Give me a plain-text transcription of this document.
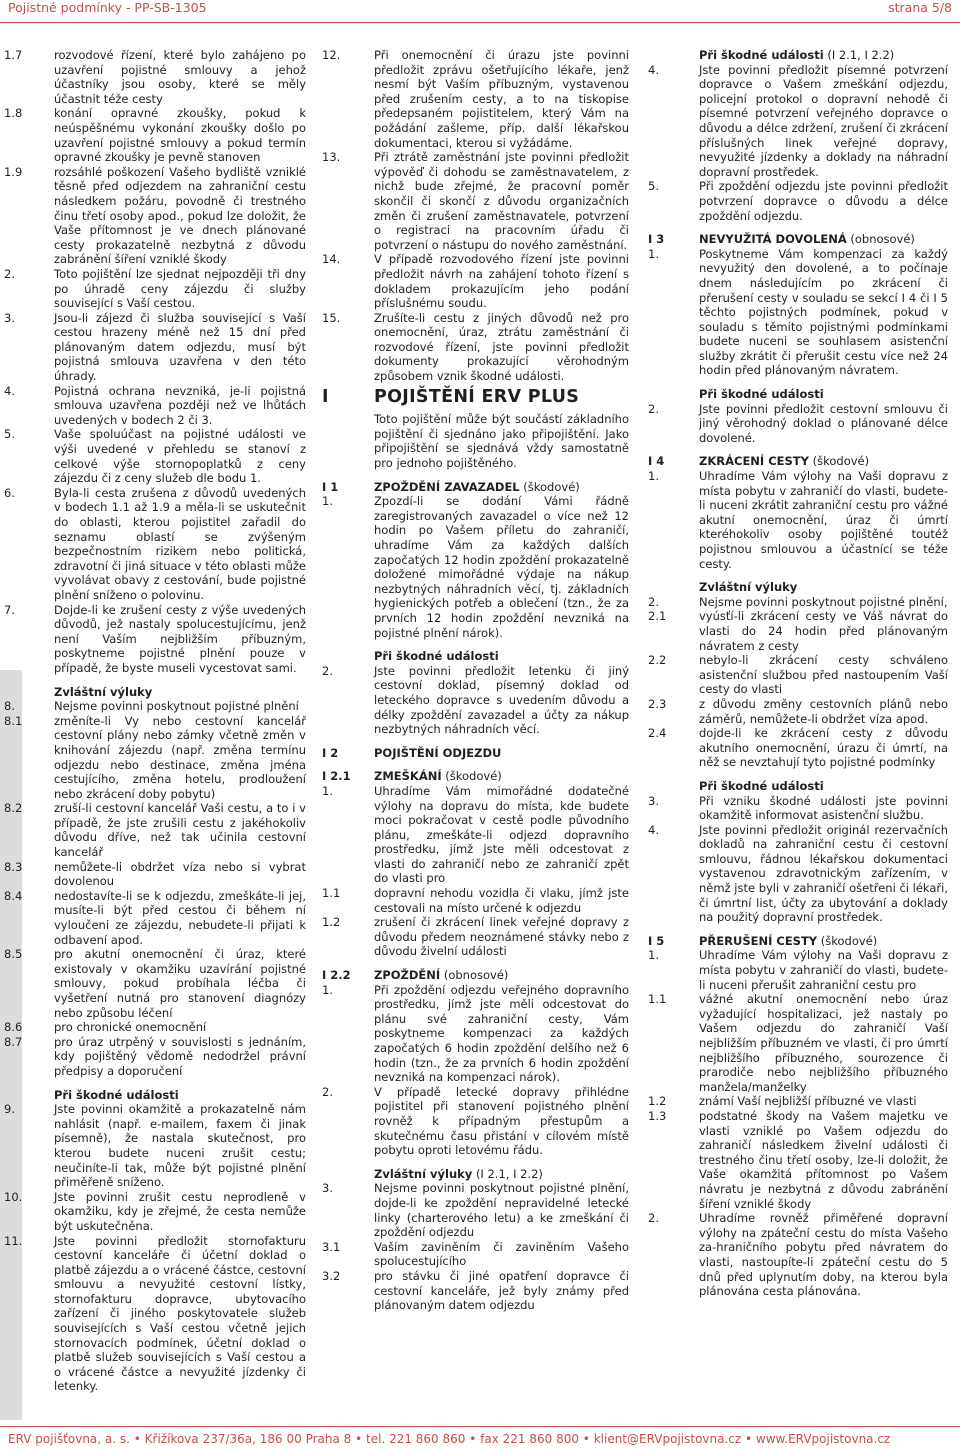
Pojistné podmínky - PP-SB-1305	strana 5/8
1.7	rozvodové řízení, které bylo zahájeno po uzavření pojistné smlouvy a jehož účastníky jsou osoby, které se měly účastnit téže cesty
1.8	konání opravné zkoušky, pokud k neúspěšnému vykonání zkoušky došlo po uzavření pojistné smlouvy a pokud termín opravné zkoušky je pevně stanoven
1.9	rozsáhlé poškození Vašeho bydliště vzniklé těsně před odjezdem na zahraniční cestu následkem požáru, povodně či trestného činu třetí osoby apod., pokud lze doložit, že Vaše přítomnost je ve dnech plánované cesty prokazatelně nezbytná z důvodu zabránění šíření vzniklé škody
2.	Toto pojištění lze sjednat nejpozději tři dny po úhradě ceny zájezdu či služby související s Vaší cestou.
3.	Jsou-li zájezd či služba související s Vaší cestou hrazeny méně než 15 dní před plánovaným datem odjezdu, musí být pojistná smlouva uzavřena v den této úhrady.
4.	Pojistná ochrana nevzniká, je-li pojistná smlouva uzavřena později než ve lhůtách uvedených v bodech 2 či 3.
5.	Vaše spoluúčast na pojistné události ve výši uvedené v přehledu se stanoví z celkové výše stornopoplatků z ceny zájezdu či z ceny služeb dle bodu 1.
6.	Byla-li cesta zrušena z důvodů uvedených v bodech 1.1 až 1.9 a měla-li se uskutečnit do oblasti, kterou pojistitel zařadil do seznamu oblastí se zvýšeným bezpečnostním rizikem nebo politická, zdravotní či jiná situace v této oblasti může vyvolávat obavy z cestování, bude pojistné plnění sníženo o polovinu.
7.	Dojde-li ke zrušení cesty z výše uvedených důvodů, jež nastaly spolucestujícímu, jenž není Vaším nejbližším příbuzným, poskytneme pojistné plnění pouze v případě, že byste museli vycestovat sami.
Zvláštní výluky
8.	Nejsme povinni poskytnout pojistné plnění
8.1	změníte-li Vy nebo cestovní kancelář cestovní plány nebo zámky včetně změn v knihování zájezdu (např. změna termínu odjezdu nebo destinace, změna jména cestujícího, změna hotelu, prodloužení nebo zkrácení doby pobytu)
8.2	zruší-li cestovní kancelář Vaši cestu, a to i v případě, že jste zrušili cestu z jakéhokoliv důvodu dříve, než tak učinila cestovní kancelář
8.3	nemůžete-li obdržet víza nebo si vybrat dovolenou
8.4	nedostavíte-li se k odjezdu, zmeškáte-li jej, musíte-li být před cestou či během ní vyloučeni ze zájezdu, nebudete-li přijati k odbavení apod.
8.5	pro akutní onemocnění či úraz, které existovaly v okamžiku uzavírání pojistné smlouvy, pokud probíhala léčba či vyšetření nutná pro stanovení diagnózy nebo způsobu léčení
8.6	pro chronické onemocnění
8.7	pro úraz utrpěný v souvislosti s jednáním, kdy pojištěný vědomě nedodržel právní předpisy a doporučení
Při škodné události
9.	Jste povinni okamžitě a prokazatelně nám nahlásit (např. e-mailem, faxem či jinak písemně), že nastala skutečnost, pro kterou budete nuceni zrušit cestu; neučiníte-li tak, může být pojistné plnění přiměřeně sníženo.
10.	Jste povinni zrušit cestu neprodleně v okamžiku, kdy je zřejmé, že cesta nemůže být uskutečněna.
11.	Jste povinni předložit stornofakturu cestovní kanceláře či účetní doklad o platbě zájezdu a o vrácené částce, cestovní smlouvu a nevyužité cestovní lístky, stornofakturu dopravce, ubytovacího zařízení či jiného poskytovatele služeb souvisejících s Vaší cestou včetně jejich stornovacích podmínek, účetní doklad o platbě služeb souvisejících s Vaší cestou a o vrácené částce a nevyužité jízdenky či letenky.
12.	Při onemocnění či úrazu jste povinni předložit zprávu ošetřujícího lékaře, jenž nesmí být Vaším příbuzným, vystavenou před zrušením cesty, a to na tiskopise předepsaném pojistitelem, který Vám na požádání zašleme, příp. další lékařskou dokumentaci, kterou si vyžádáme.
13.	Při ztrátě zaměstnání jste povinni předložit výpověď či dohodu se zaměstnavatelem, z nichž bude zřejmé, že pracovní poměr skončil či skončí z důvodu organizačních změn či zrušení zaměstnavatele, potvrzení o registraci na pracovním úřadu či potvrzení o nástupu do nového zaměstnání.
14.	V případě rozvodového řízení jste povinni předložit návrh na zahájení tohoto řízení s dokladem prokazujícím jeho podání příslušnému soudu.
15.	Zrušíte-li cestu z jiných důvodů než pro onemocnění, úraz, ztrátu zaměstnání či rozvodové řízení, jste povinni předložit dokumenty prokazující věrohodným způsobem vznik škodné události.
I	POJIŠTĚNÍ ERV PLUS
Toto pojištění může být součástí základního pojištění či sjednáno jako připojištění. Jako připojištění se sjednává vždy samostatně pro jednoho pojištěného.
I 1	ZPOŽDĚNÍ ZAVAZADEL (škodové)
1.	Zpozdí-li se dodání Vámi řádně zaregistrovaných zavazadel o více než 12 hodin po Vašem příletu do zahraničí, uhradíme Vám za každých dalších započatých 12 hodin zpoždění prokazatelně doložené mimořádné výdaje na nákup nezbytných náhradních věcí, tj. základních hygienických potřeb a oblečení (tzn., že za prvních 12 hodin zpoždění nevzniká na pojistné plnění nárok).
Při škodné události
2.	Jste povinni předložit letenku či jiný cestovní doklad, písemný doklad od leteckého dopravce s uvedením důvodu a délky zpoždění zavazadel a účty za nákup nezbytných náhradních věcí.
I 2	POJIŠTĚNÍ ODJEZDU
I 2.1	ZMEŠKÁNÍ (škodové)
1.	Uhradíme Vám mimořádné dodatečné výlohy na dopravu do místa, kde budete moci pokračovat v cestě podle původního plánu, zmeškáte-li odjezd dopravního prostředku, jímž jste měli odcestovat z vlasti do zahraničí nebo ze zahraničí zpět do vlasti pro
1.1	dopravní nehodu vozidla či vlaku, jímž jste cestovali na místo určené k odjezdu
1.2	zrušení či zkrácení linek veřejné dopravy z důvodu předem neoznámené stávky nebo z důvodu živelní události
I 2.2	ZPOŽDĚNÍ (obnosové)
1.	Při zpoždění odjezdu veřejného dopravního prostředku, jímž jste měli odcestovat do plánu své zahraniční cesty, Vám poskytneme kompenzaci za každých započatých 6 hodin zpoždění delšího než 6 hodin (tzn., že za prvních 6 hodin zpoždění nevzniká na kompenzaci nárok).
2.	V případě letecké dopravy přihlédne pojistitel při stanovení pojistného plnění rovněž k případným přestupům a skutečnému času přistání v cílovém místě pobytu oproti letovému řádu.
Zvláštní výluky (I 2.1, I 2.2)
3.	Nejsme povinni poskytnout pojistné plnění, dojde-li ke zpoždění nepravidelné letecké linky (charterového letu) a ke zmeškání či zpoždění odjezdu
3.1	Vaším zaviněním či zaviněním Vašeho spolucestujícího
3.2	pro stávku či jiné opatření dopravce či cestovní kanceláře, jež byly známy před plánovaným datem odjezdu
Při škodné události (I 2.1, I 2.2)
4.	Jste povinni předložit písemné potvrzení dopravce o Vašem zmeškání odjezdu, policejní protokol o dopravní nehodě či písemné potvrzení veřejného dopravce o důvodu a délce zdržení, zrušení či zkrácení příslušných linek veřejné dopravy, nevyužité jízdenky a doklady na náhradní dopravní prostředek.
5.	Při zpoždění odjezdu jste povinni předložit potvrzení dopravce o důvodu a délce zpoždění odjezdu.
I 3	NEVYUŽITÁ DOVOLENÁ (obnosové)
1.	Poskytneme Vám kompenzaci za každý nevyužitý den dovolené, a to počínaje dnem následujícím po zkrácení či přerušení cesty v souladu se sekcí I 4 či I 5 těchto pojistných podmínek, pokud v souladu s těmito pojistnými podmínkami budete nuceni se souhlasem asistenční služby zkrátit či přerušit cestu více než 24 hodin před plánovaným návratem.
Při škodné události
2.	Jste povinni předložit cestovní smlouvu či jiný věrohodný doklad o plánované délce dovolené.
I 4	ZKRÁCENÍ CESTY (škodové)
1.	Uhradíme Vám výlohy na Vaši dopravu z místa pobytu v zahraničí do vlasti, budete-li nuceni zkrátit zahraniční cestu pro vážné akutní onemocnění, úraz či úmrtí kteréhokoliv osoby pojištěné toutéž pojistnou smlouvou a účastnící se téže cesty.
Zvláštní výluky
2.	Nejsme povinni poskytnout pojistné plnění,
2.1	vyúsťí-li zkrácení cesty ve Váš návrat do vlasti do 24 hodin před plánovaným návratem z cesty
2.2	nebylo-li zkrácení cesty schváleno asistenční službou před nastoupením Vaší cesty do vlasti
2.3	z důvodu změny cestovních plánů nebo záměrů, nemůžete-li obdržet víza apod.
2.4	dojde-li ke zkrácení cesty z důvodu akutního onemocnění, úrazu či úmrtí, na něž se nevztahují tyto pojistné podmínky
Při škodné události
3.	Při vzniku škodné události jste povinni okamžitě informovat asistenční službu.
4.	Jste povinni předložit originál rezervačních dokladů na zahraniční cestu či cestovní smlouvu, řádnou lékařskou dokumentaci vystavenou zdravotnickým zařízením, v němž jste byli v zahraničí ošetřeni či lékaři, či úmrtní list, účty za ubytování a doklady na použitý dopravní prostředek.
I 5	PŘERUŠENÍ CESTY (škodové)
1.	Uhradíme Vám výlohy na Vaši dopravu z místa pobytu v zahraničí do vlasti, budete-li nuceni přerušit zahraniční cestu pro
1.1	vážné akutní onemocnění nebo úraz vyžadující hospitalizaci, jež nastaly po Vašem odjezdu do zahraničí Vaší nejbližším příbuzném ve vlasti, či pro úmrtí nejbližšího příbuzného, sourozence či prarodiče nebo nejbližšího příbuzného manžela/manželky
1.2	známí Vaší nejbližší příbuzné ve vlasti
1.3	podstatné škody na Vašem majetku ve vlasti vzniklé po Vašem odjezdu do zahraničí následkem živelní události či trestného činu třetí osoby, lze-li doložit, že Vaše okamžitá přítomnost po Vašem návratu je nezbytná z důvodu zabránění šíření vzniklé škody
2.	Uhradíme rovněž přiměřené dopravní výlohy na zpáteční cestu do místa Vašeho za-hraničního pobytu před návratem do vlasti, nastoupíte-li zpáteční cestu do 5 dnů před uplynutím doby, na kterou byla plánována cesta plánována.
ERV pojišťovna, a. s. • Křižíkova 237/36a, 186 00 Praha 8 • tel. 221 860 860 • fax 221 860 800 • klient@ERVpojistovna.cz • www.ERVpojistovna.cz
